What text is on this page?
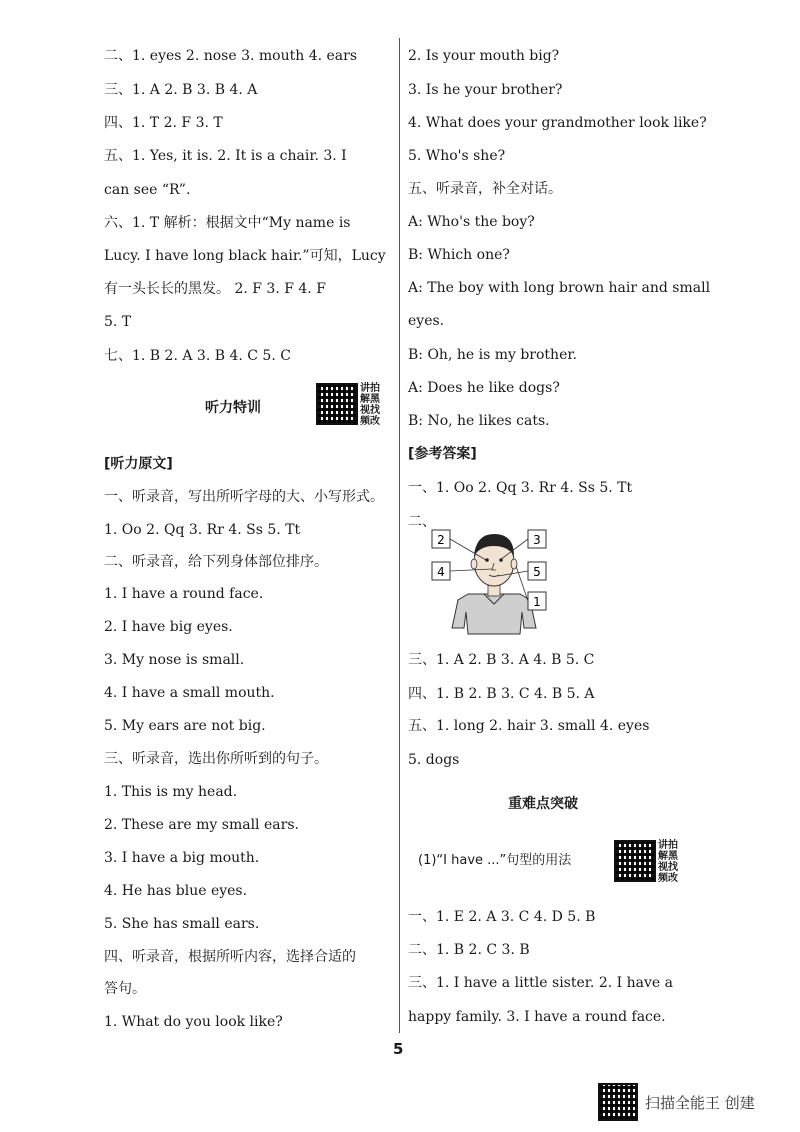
二、1. eyes 2. nose 3. mouth 4. ears
三、1. A 2. B 3. B 4. A
四、1. T 2. F 3. T
五、1. Yes, it is. 2. It is a chair. 3. I
can see “R”.
六、1. T 解析：根据文中“My name is
Lucy. I have long black hair.”可知，Lucy
有一头长长的黑发。 2. F 3. F 4. F
5. T
七、1. B 2. A 3. B 4. C 5. C
听力特训
讲拍解黑视找频改
[听力原文]
一、听录音，写出所听字母的大、小写形式。
1. Oo 2. Qq 3. Rr 4. Ss 5. Tt
二、听录音，给下列身体部位排序。
1. I have a round face.
2. I have big eyes.
3. My nose is small.
4. I have a small mouth.
5. My ears are not big.
三、听录音，选出你所听到的句子。
1. This is my head.
2. These are my small ears.
3. I have a big mouth.
4. He has blue eyes.
5. She has small ears.
四、听录音，根据所听内容，选择合适的
答句。
1. What do you look like?
2. Is your mouth big?
3. Is he your brother?
4. What does your grandmother look like?
5. Who's she?
五、听录音，补全对话。
A: Who's the boy?
B: Which one?
A: The boy with long brown hair and small
eyes.
B: Oh, he is my brother.
A: Does he like dogs?
B: No, he likes cats.
[参考答案]
一、1. Oo 2. Qq 3. Rr 4. Ss 5. Tt
二、
2	3
4	5
1
三、1. A 2. B 3. A 4. B 5. C
四、1. B 2. B 3. C 4. B 5. A
五、1. long 2. hair 3. small 4. eyes
5. dogs
重难点突破
(1)“I have ...”句型的用法
讲拍解黑视找频改
一、1. E 2. A 3. C 4. D 5. B
二、1. B 2. C 3. B
三、1. I have a little sister. 2. I have a
happy family. 3. I have a round face.
5
扫描全能王 创建
